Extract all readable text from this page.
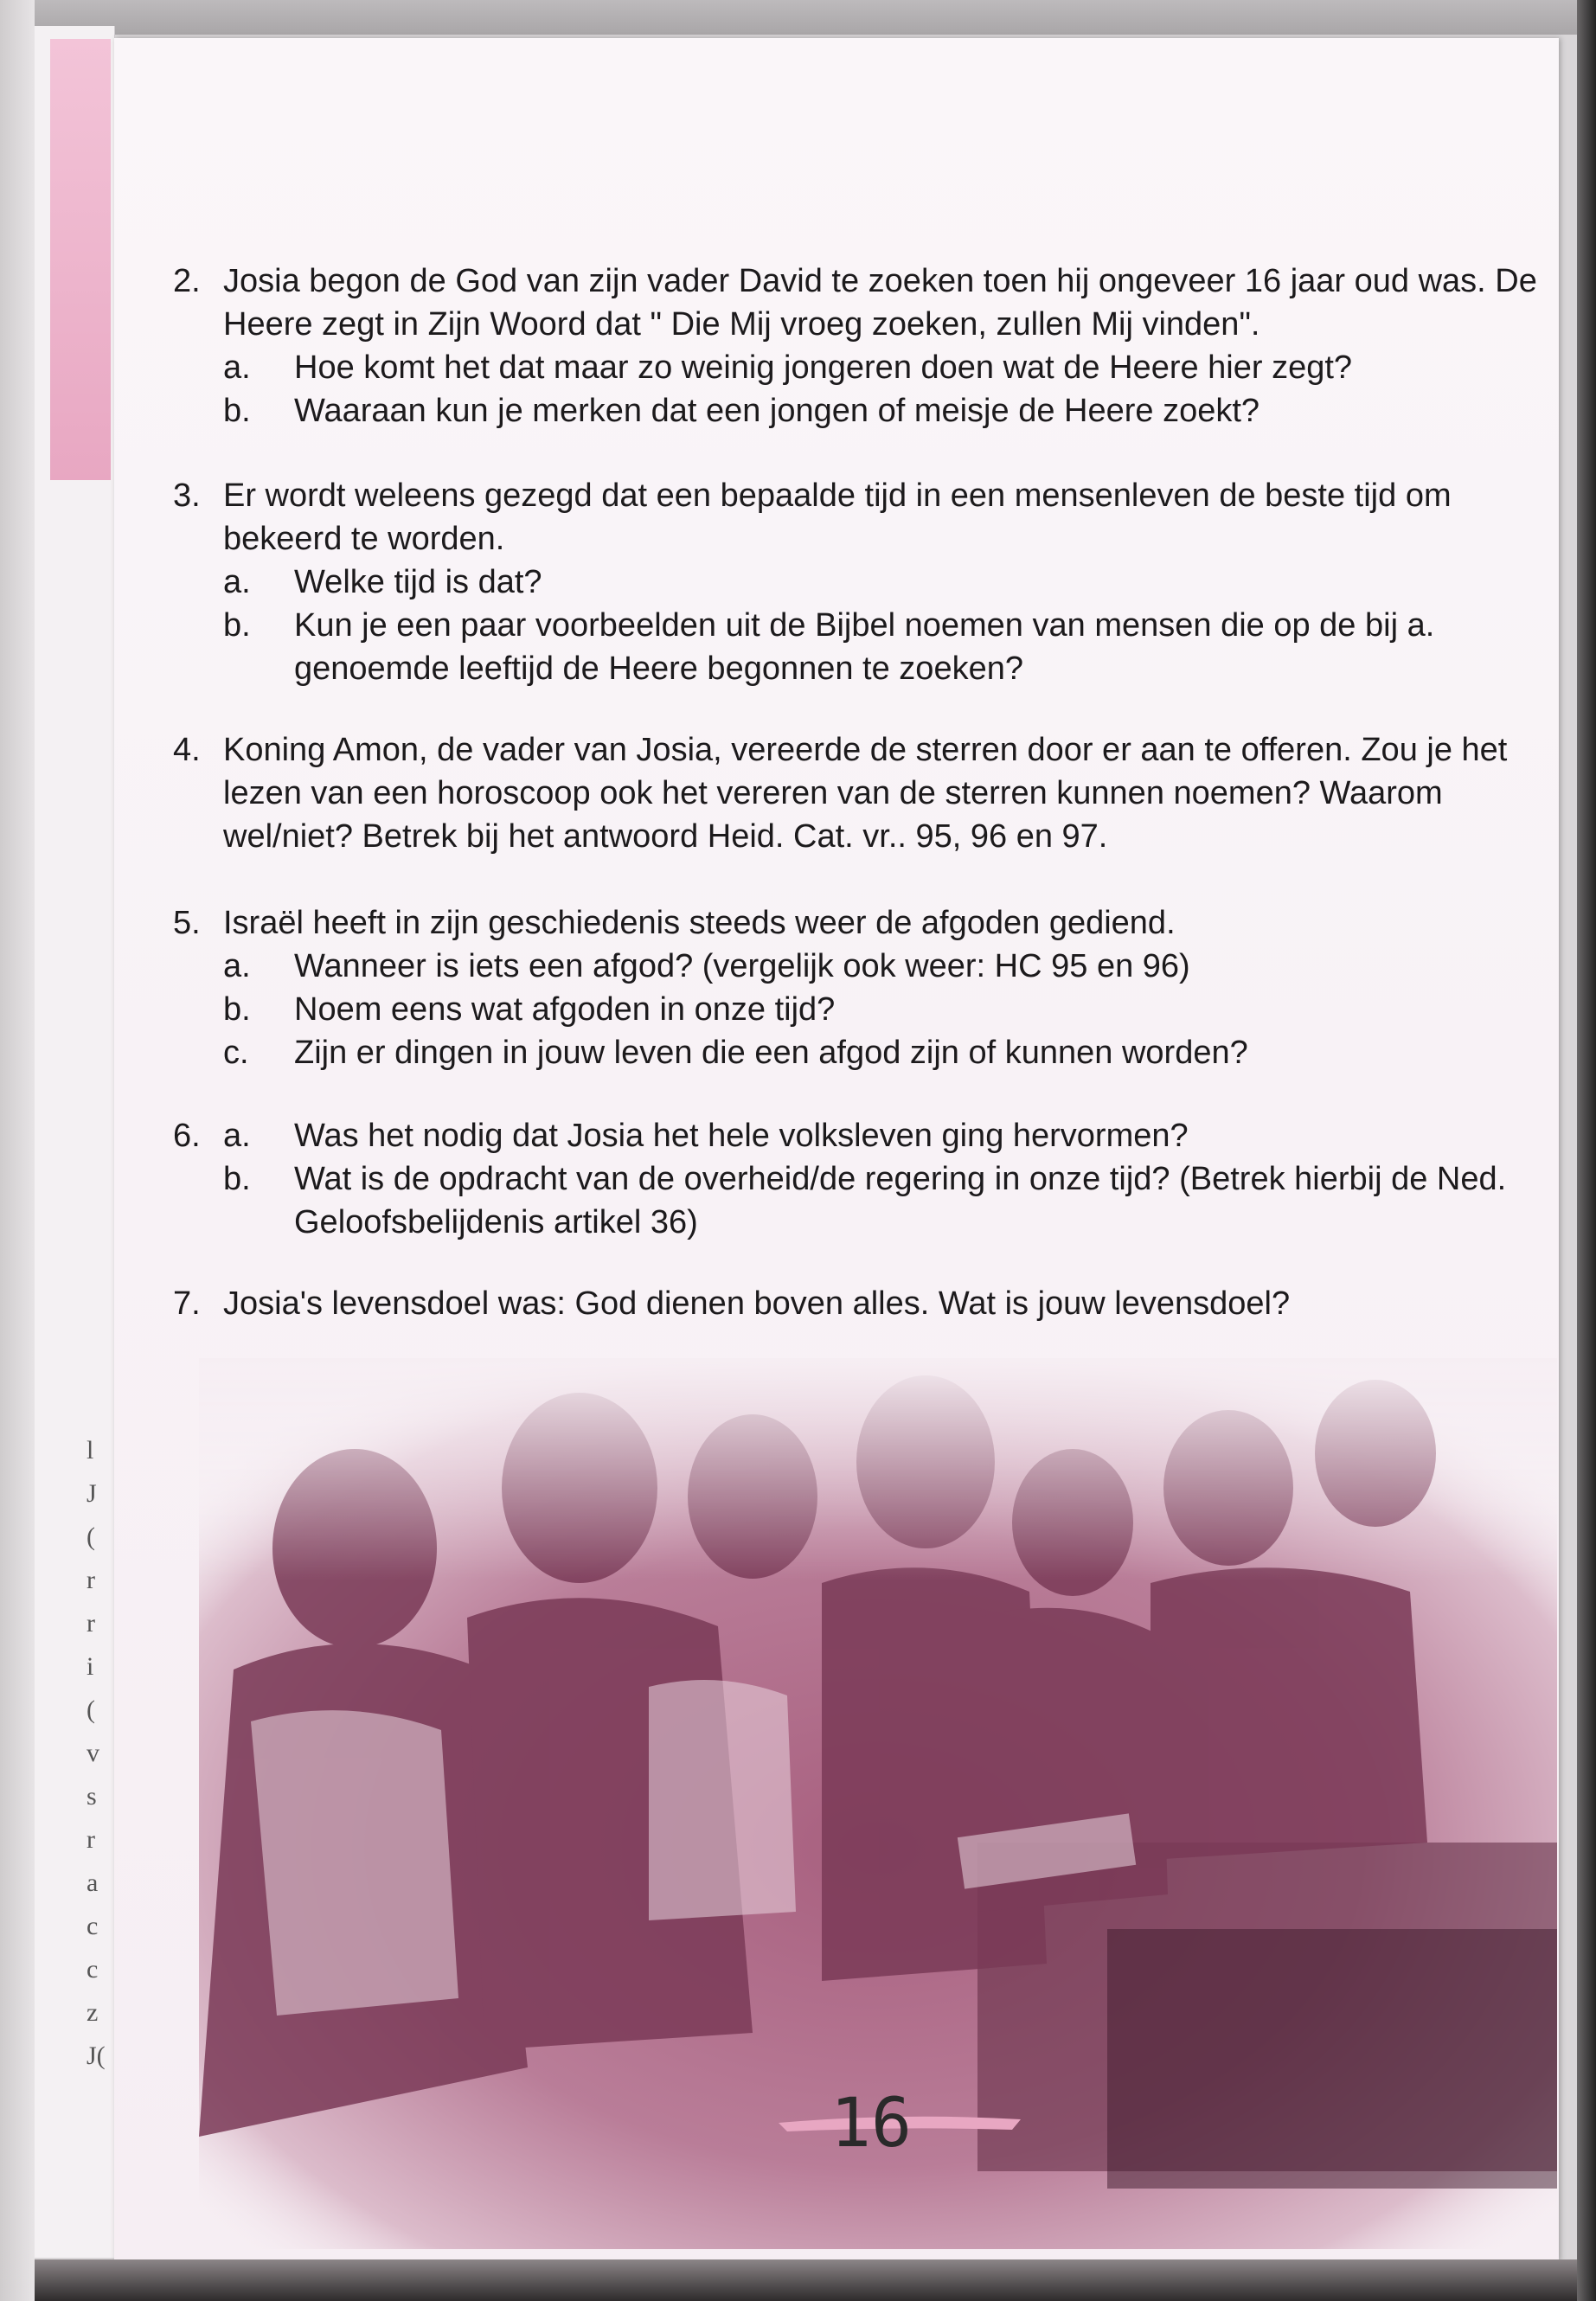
l
J
(
r
r
i
(
v
s
r
a
c
c
z
J(
2. Josia begon de God van zijn vader David te zoeken toen hij ongeveer 16 jaar oud was. De Heere zegt in Zijn Woord dat " Die Mij vroeg zoeken, zullen Mij vinden".
a. Hoe komt het dat maar zo weinig jongeren doen wat de Heere hier zegt?
b. Waaraan kun je merken dat een jongen of meisje de Heere zoekt?
3. Er wordt weleens gezegd dat een bepaalde tijd in een mensenleven de beste tijd om bekeerd te worden.
a. Welke tijd is dat?
b. Kun je een paar voorbeelden uit de Bijbel noemen van mensen die op de bij a. genoemde leeftijd de Heere begonnen te zoeken?
4. Koning Amon, de vader van Josia, vereerde de sterren door er aan te offeren. Zou je het lezen van een horoscoop ook het vereren van de sterren kunnen noemen? Waarom wel/niet? Betrek bij het antwoord Heid. Cat. vr.. 95, 96 en 97.
5. Israël heeft in zijn geschiedenis steeds weer de afgoden gediend.
a. Wanneer is iets een afgod? (vergelijk ook weer: HC 95 en 96)
b. Noem eens wat afgoden in onze tijd?
c. Zijn er dingen in jouw leven die een afgod zijn of kunnen worden?
6. a. Was het nodig dat Josia het hele volksleven ging hervormen?
b. Wat is de opdracht van de overheid/de regering in onze tijd? (Betrek hierbij de Ned. Geloofsbelijdenis artikel 36)
7. Josia's levensdoel was: God dienen boven alles. Wat is jouw levensdoel?
16
